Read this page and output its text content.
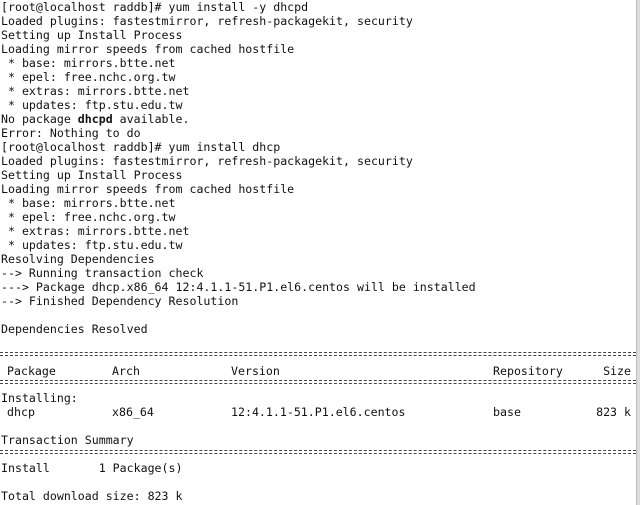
[root@localhost raddb]# yum install -y dhcpd
Loaded plugins: fastestmirror, refresh-packagekit, security
Setting up Install Process
Loading mirror speeds from cached hostfile
* base: mirrors.btte.net
* epel: free.nchc.org.tw
* extras: mirrors.btte.net
* updates: ftp.stu.edu.tw
No package dhcpd available.
Error: Nothing to do
[root@localhost raddb]# yum install dhcp
Loaded plugins: fastestmirror, refresh-packagekit, security
Setting up Install Process
Loading mirror speeds from cached hostfile
* base: mirrors.btte.net
* epel: free.nchc.org.tw
* extras: mirrors.btte.net
* updates: ftp.stu.edu.tw
Resolving Dependencies
--> Running transaction check
---> Package dhcp.x86_64 12:4.1.1-51.P1.el6.centos will be installed
--> Finished Dependency Resolution
Dependencies Resolved
Package	Arch	Version	Repository	Size
Installing:
dhcp	x86_64	12:4.1.1-51.P1.el6.centos	base	823 k
Transaction Summary
Install       1 Package(s)
Total download size: 823 k
